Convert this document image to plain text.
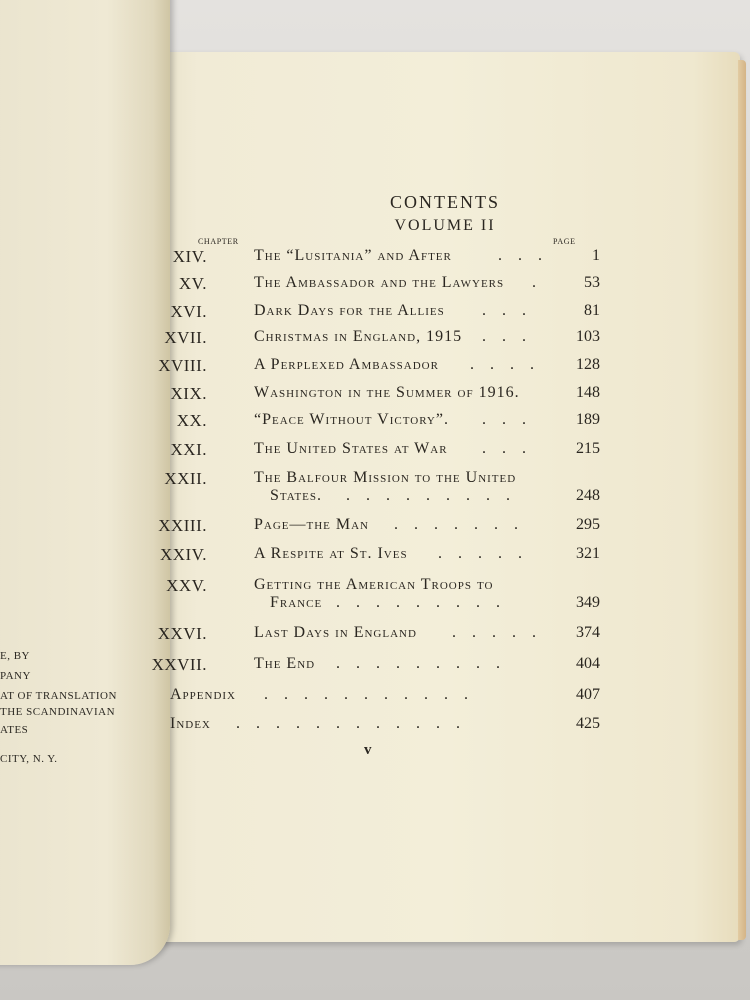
E, BY
PANY
AT OF TRANSLATION
THE SCANDINAVIAN
ATES
CITY, N. Y.
CONTENTS
VOLUME II
CHAPTER	PAGE
XIV.	The “Lusitania” and After	. . .	1
XV.	The Ambassador and the Lawyers .	53
XVI.	Dark Days for the Allies . . .	81
XVII.	Christmas in England, 1915 . . .	103
XVIII.	A Perplexed Ambassador . . . . 128
XIX.	Washington in the Summer of 1916.	148
XX.	“Peace Without Victory”. . . .	189
XXI.	The United States at War . . .	215
XXII.	The Balfour Mission to the United
States. . . . . . . . . .	248
XXIII.	Page—the Man . . . . . . .	295
XXIV.	A Respite at St. Ives . . . . .	321
XXV.	Getting the American Troops to
France . . . . . . . . .	349
XXVI.	Last Days in England . . . . . 374
XXVII.	The End . . . . . . . . .	404
Appendix . . . . . . . . . . .	407
Index . . . . . . . . . . . .	425
v
